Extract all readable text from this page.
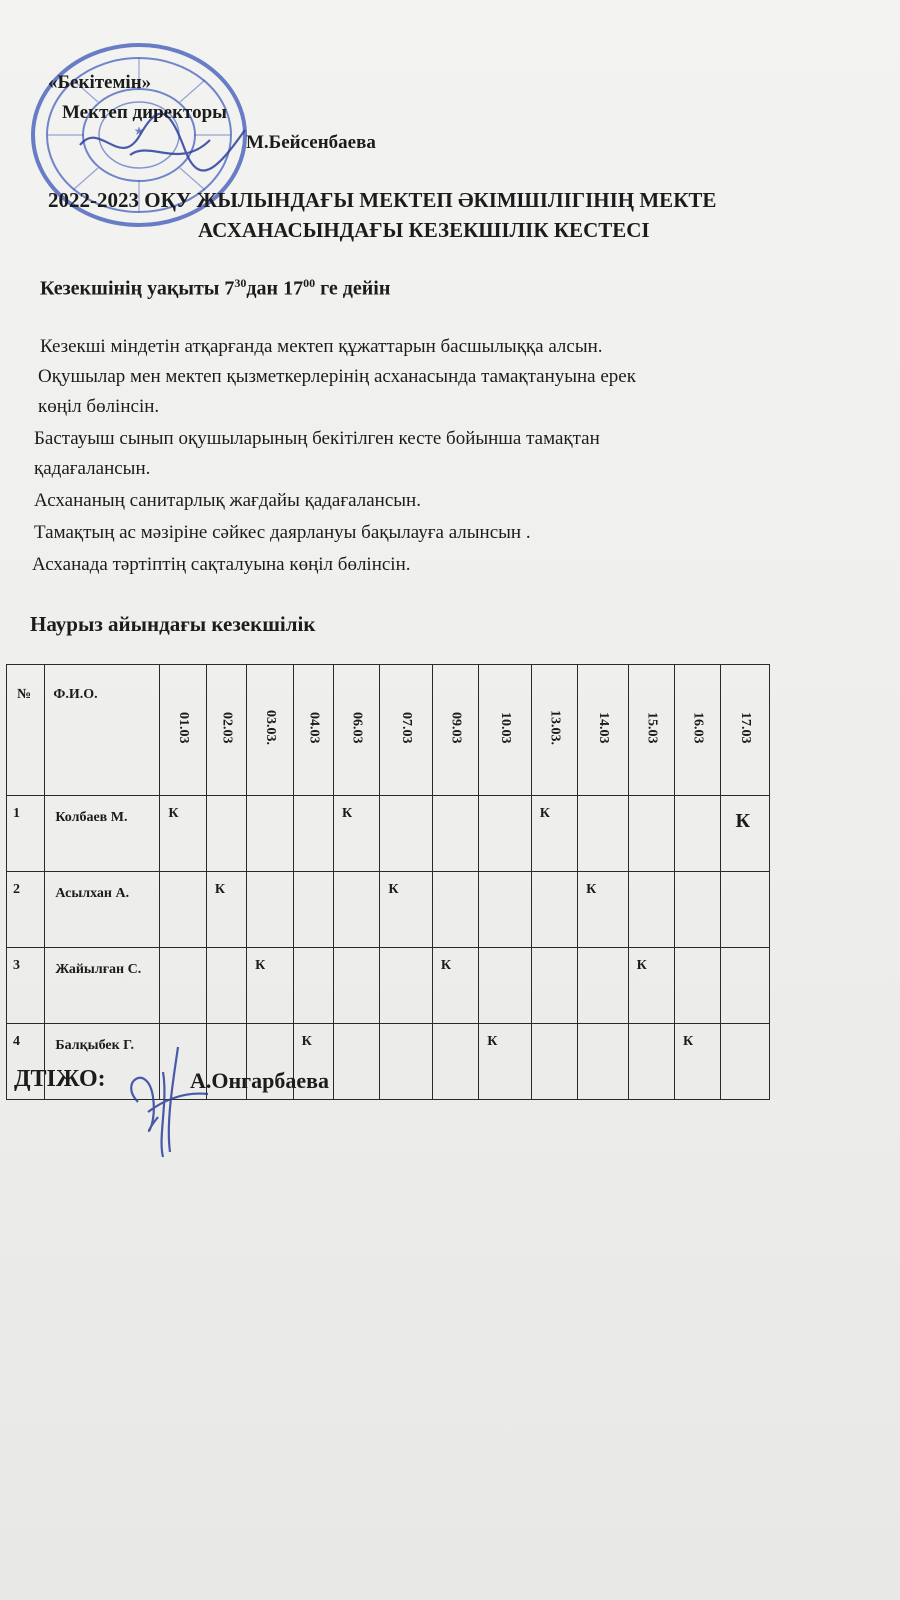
★
«Бекітемін»
Мектеп директоры
М.Бейсенбаева
2022-2023 ОҚУ ЖЫЛЫНДАҒЫ МЕКТЕП ӘКІМШІЛІГІНІҢ МЕКТЕ
АСХАНАСЫНДАҒЫ КЕЗЕКШІЛІК КЕСТЕСІ
Кезекшінің уақыты $7^{30}дан$ $17^{00}$ ге дейін
Кезекші міндетін атқарғанда мектеп құжаттарын басшылыққа алсын.
Оқушылар мен мектеп қызметкерлерінің асханасында тамақтануына ерек
көңіл бөлінсін.
Бастауыш сынып оқушыларының бекітілген кесте бойынша тамақтан
қадағалансын.
Асхананың санитарлық жағдайы қадағалансын.
Тамақтың ас мәзіріне сәйкес даярлануы бақылауға алынсын .
Асханада тәртіптің сақталуына көңіл бөлінсін.
Наурыз айындағы кезекшілік
№	Ф.И.О.	01.03	02.03	03.03.	04.03	06.03	07.03	09.03	10.03	13.03.	14.03	15.03	16.03	17.03
1	Колбаев М.	К				К				К				К

2	Асылхан А.		К				К				К			

3	Жайылған С.			К				К				К		

4	Балқыбек Г.				К				К				К	

ДТІЖО:	А.Онгарбаева
